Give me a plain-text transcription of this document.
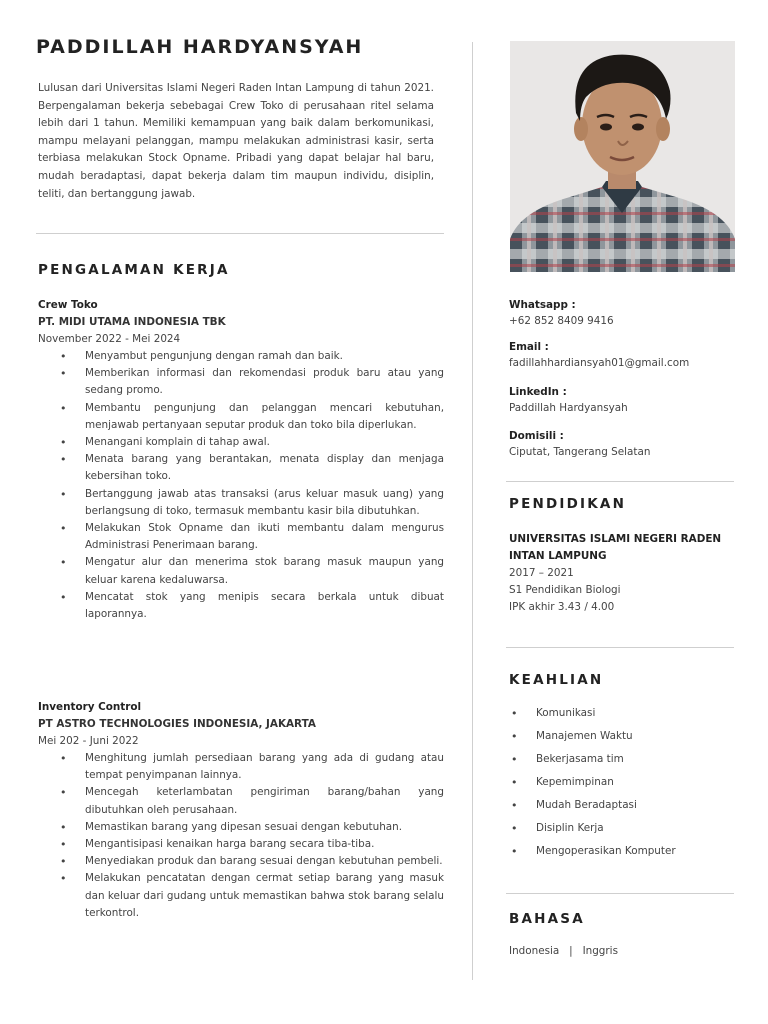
PADDILLAH HARDYANSYAH
Lulusan dari Universitas Islami Negeri Raden Intan Lampung di tahun 2021. Berpengalaman bekerja sebebagai Crew Toko di perusahaan ritel selama lebih dari 1 tahun. Memiliki kemampuan yang baik dalam berkomunikasi, mampu melayani pelanggan, mampu melakukan administrasi kasir, serta terbiasa melakukan Stock Opname. Pribadi yang dapat belajar hal baru, mudah beradaptasi, dapat bekerja dalam tim maupun individu, disiplin, teliti, dan bertanggung jawab.
PENGALAMAN KERJA
Crew Toko
PT. MIDI UTAMA INDONESIA TBK
November 2022 - Mei 2024
• Menyambut pengunjung dengan ramah dan baik.
• Memberikan informasi dan rekomendasi produk baru atau yang sedang promo.
• Membantu pengunjung dan pelanggan mencari kebutuhan, menjawab pertanyaan seputar produk dan toko bila diperlukan.
• Menangani komplain di tahap awal.
• Menata barang yang berantakan, menata display dan menjaga kebersihan toko.
• Bertanggung jawab atas transaksi (arus keluar masuk uang) yang berlangsung di toko, termasuk membantu kasir bila dibutuhkan.
• Melakukan Stok Opname dan ikuti membantu dalam mengurus Administrasi Penerimaan barang.
• Mengatur alur dan menerima stok barang masuk maupun yang keluar karena kedaluwarsa.
• Mencatat stok yang menipis secara berkala untuk dibuat laporannya.
Inventory Control
PT ASTRO TECHNOLOGIES INDONESIA, JAKARTA
Mei 202 - Juni 2022
• Menghitung jumlah persediaan barang yang ada di gudang atau tempat penyimpanan lainnya.
• Mencegah keterlambatan pengiriman barang/bahan yang dibutuhkan oleh perusahaan.
• Memastikan barang yang dipesan sesuai dengan kebutuhan.
• Mengantisipasi kenaikan harga barang secara tiba-tiba.
• Menyediakan produk dan barang sesuai dengan kebutuhan pembeli.
• Melakukan pencatatan dengan cermat setiap barang yang masuk dan keluar dari gudang untuk memastikan bahwa stok barang selalu terkontrol.
Whatsapp :
+62 852 8409 9416
Email :
fadillahhardiansyah01@gmail.com
LinkedIn :
Paddillah Hardyansyah
Domisili :
Ciputat, Tangerang Selatan
PENDIDIKAN
UNIVERSITAS ISLAMI NEGERI RADEN
INTAN LAMPUNG
2017 – 2021
S1 Pendidikan Biologi
IPK akhir 3.43 / 4.00
KEAHLIAN
• Komunikasi
• Manajemen Waktu
• Bekerjasama tim
• Kepemimpinan
• Mudah Beradaptasi
• Disiplin Kerja
• Mengoperasikan Komputer
BAHASA
Indonesia   |   Inggris
